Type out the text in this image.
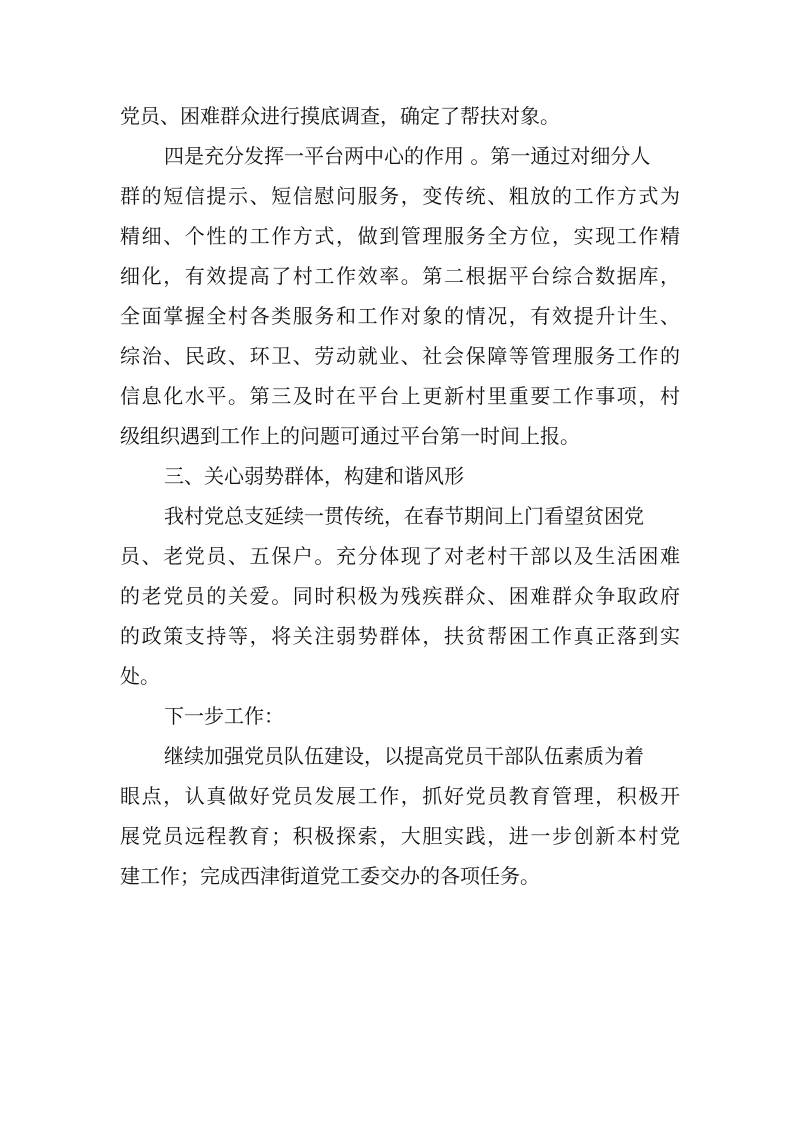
党员、困难群众进行摸底调查，确定了帮扶对象。
四是充分发挥一平台两中心的作用 。第一通过对细分人
群的短信提示、短信慰问服务，变传统、粗放的工作方式为
精细、个性的工作方式，做到管理服务全方位，实现工作精
细化，有效提高了村工作效率。第二根据平台综合数据库，
全面掌握全村各类服务和工作对象的情况，有效提升计生、
综治、民政、环卫、劳动就业、社会保障等管理服务工作的
信息化水平。第三及时在平台上更新村里重要工作事项，村
级组织遇到工作上的问题可通过平台第一时间上报。
三、关心弱势群体，构建和谐风形
我村党总支延续一贯传统，在春节期间上门看望贫困党
员、老党员、五保户。充分体现了对老村干部以及生活困难
的老党员的关爱。同时积极为残疾群众、困难群众争取政府
的政策支持等，将关注弱势群体，扶贫帮困工作真正落到实
处。
下一步工作：
继续加强党员队伍建设，以提高党员干部队伍素质为着
眼点，认真做好党员发展工作，抓好党员教育管理，积极开
展党员远程教育；积极探索，大胆实践，进一步创新本村党
建工作；完成西津街道党工委交办的各项任务。
